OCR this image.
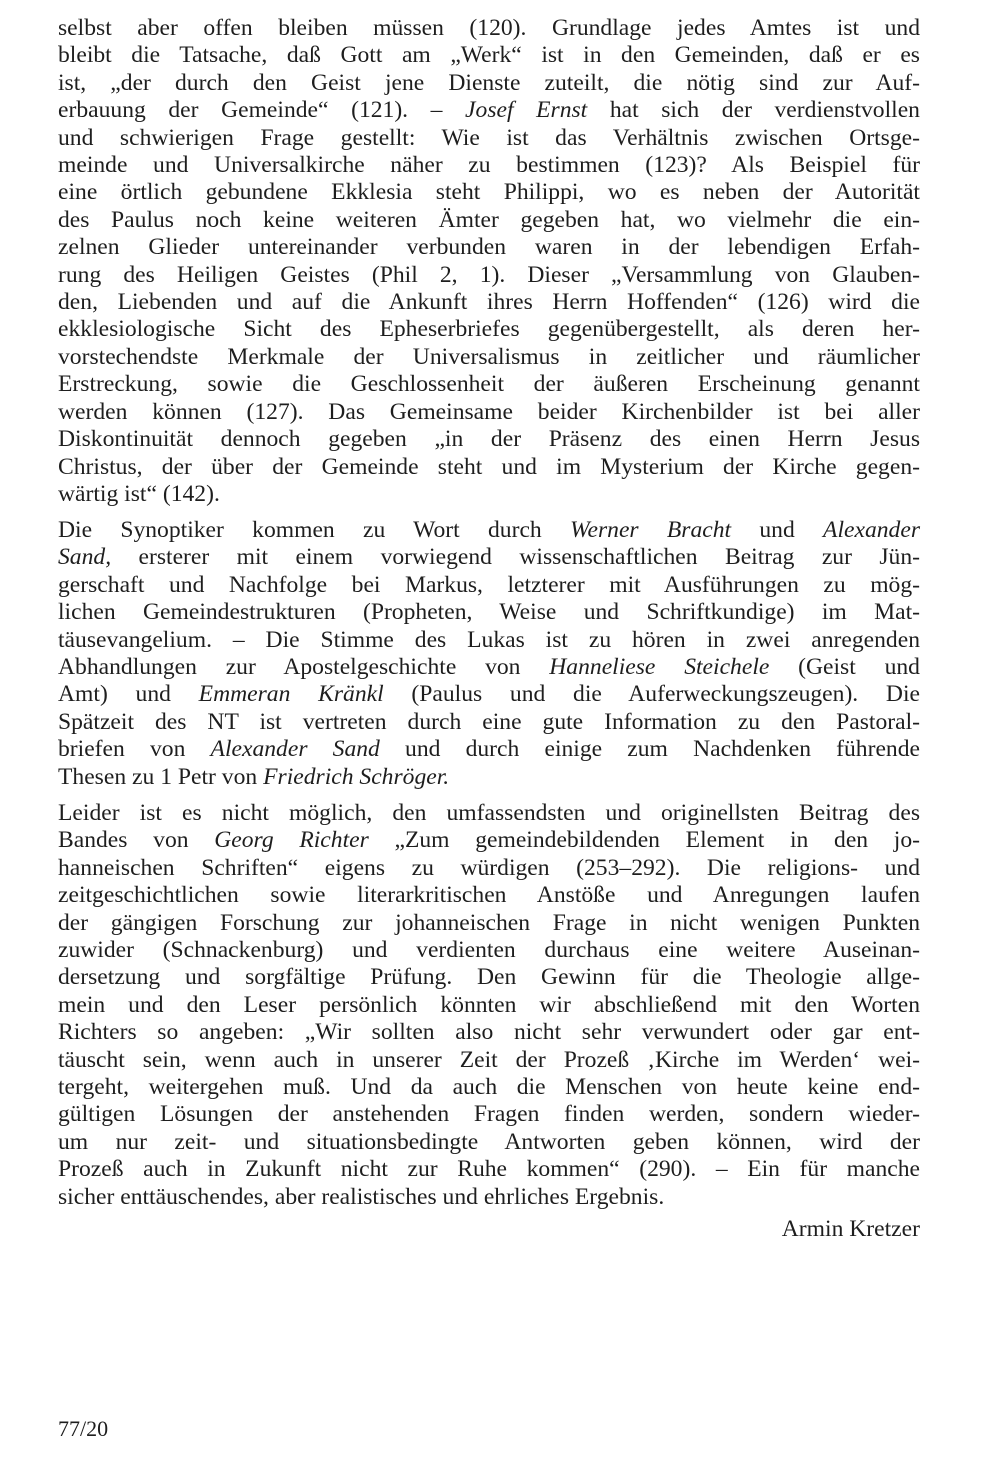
selbst aber offen bleiben müssen (120). Grundlage jedes Amtes ist und
bleibt die Tatsache, daß Gott am „Werk“ ist in den Gemeinden, daß er es
ist, „der durch den Geist jene Dienste zuteilt, die nötig sind zur Auf-
erbauung der Gemeinde“ (121). – Josef Ernst hat sich der verdienstvollen
und schwierigen Frage gestellt: Wie ist das Verhältnis zwischen Ortsge-
meinde und Universalkirche näher zu bestimmen (123)? Als Beispiel für
eine örtlich gebundene Ekklesia steht Philippi, wo es neben der Autorität
des Paulus noch keine weiteren Ämter gegeben hat, wo vielmehr die ein-
zelnen Glieder untereinander verbunden waren in der lebendigen Erfah-
rung des Heiligen Geistes (Phil 2, 1). Dieser „Versammlung von Glauben-
den, Liebenden und auf die Ankunft ihres Herrn Hoffenden“ (126) wird die
ekklesiologische Sicht des Epheserbriefes gegenübergestellt, als deren her-
vorstechendste Merkmale der Universalismus in zeitlicher und räumlicher
Erstreckung, sowie die Geschlossenheit der äußeren Erscheinung genannt
werden können (127). Das Gemeinsame beider Kirchenbilder ist bei aller
Diskontinuität dennoch gegeben „in der Präsenz des einen Herrn Jesus
Christus, der über der Gemeinde steht und im Mysterium der Kirche gegen-
wärtig ist“ (142).
Die Synoptiker kommen zu Wort durch Werner Bracht und Alexander
Sand, ersterer mit einem vorwiegend wissenschaftlichen Beitrag zur Jün-
gerschaft und Nachfolge bei Markus, letzterer mit Ausführungen zu mög-
lichen Gemeindestrukturen (Propheten, Weise und Schriftkundige) im Mat-
täusevangelium. – Die Stimme des Lukas ist zu hören in zwei anregenden
Abhandlungen zur Apostelgeschichte von Hanneliese Steichele (Geist und
Amt) und Emmeran Kränkl (Paulus und die Auferweckungszeugen). Die
Spätzeit des NT ist vertreten durch eine gute Information zu den Pastoral-
briefen von Alexander Sand und durch einige zum Nachdenken führende
Thesen zu 1 Petr von Friedrich Schröger.
Leider ist es nicht möglich, den umfassendsten und originellsten Beitrag des
Bandes von Georg Richter „Zum gemeindebildenden Element in den jo-
hanneischen Schriften“ eigens zu würdigen (253–292). Die religions- und
zeitgeschichtlichen sowie literarkritischen Anstöße und Anregungen laufen
der gängigen Forschung zur johanneischen Frage in nicht wenigen Punkten
zuwider (Schnackenburg) und verdienten durchaus eine weitere Auseinan-
dersetzung und sorgfältige Prüfung. Den Gewinn für die Theologie allge-
mein und den Leser persönlich könnten wir abschließend mit den Worten
Richters so angeben: „Wir sollten also nicht sehr verwundert oder gar ent-
täuscht sein, wenn auch in unserer Zeit der Prozeß ‚Kirche im Werden‘ wei-
tergeht, weitergehen muß. Und da auch die Menschen von heute keine end-
gültigen Lösungen der anstehenden Fragen finden werden, sondern wieder-
um nur zeit- und situationsbedingte Antworten geben können, wird der
Prozeß auch in Zukunft nicht zur Ruhe kommen“ (290). – Ein für manche
sicher enttäuschendes, aber realistisches und ehrliches Ergebnis.
Armin Kretzer
77/20
